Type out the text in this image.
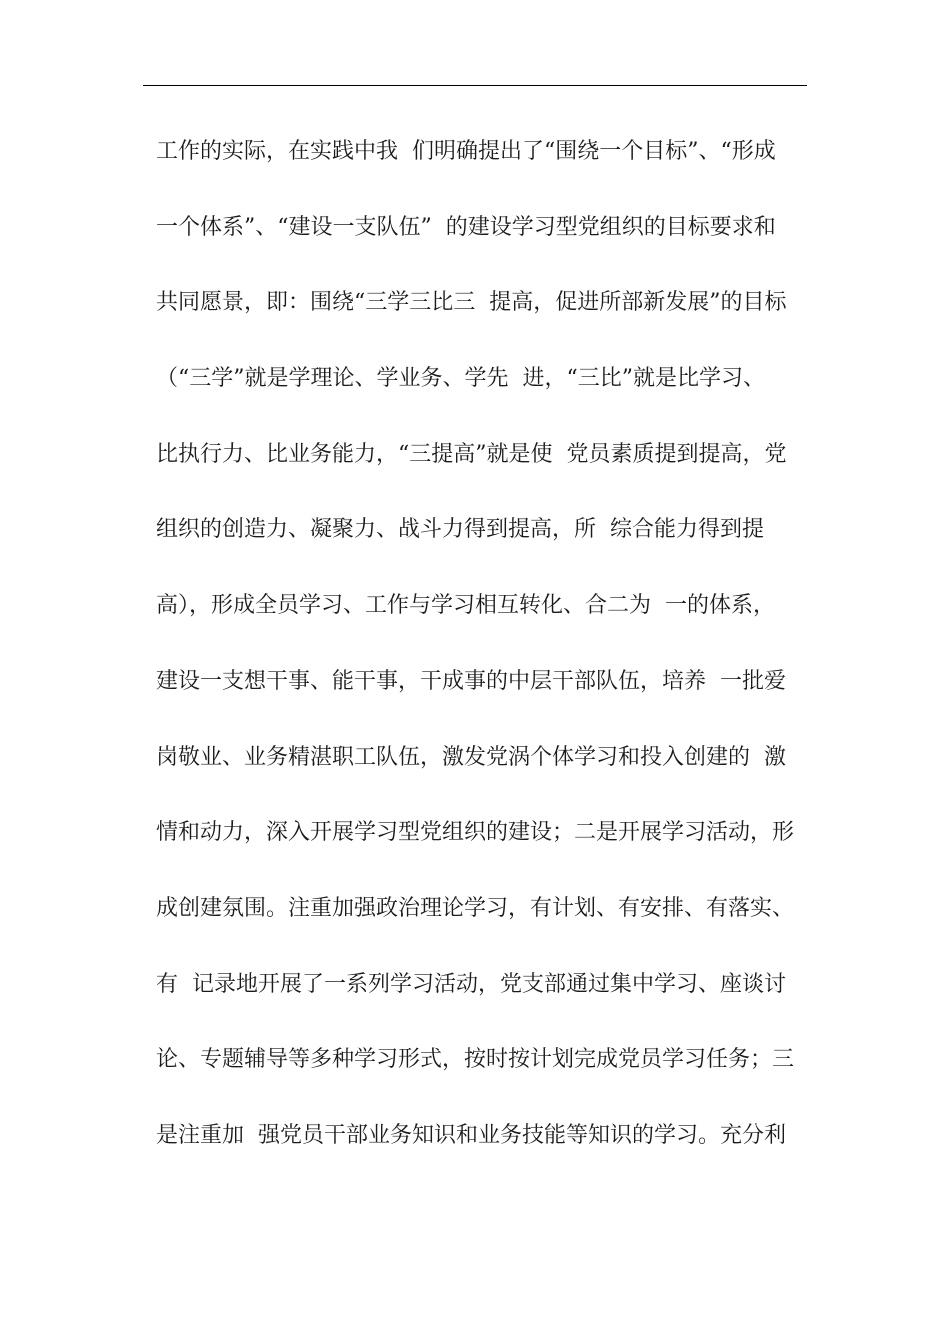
工作的实际，在实践中我  们明确提出了“围绕一个目标”、“形成
一个体系”、“建设一支队伍”  的建设学习型党组织的目标要求和
共同愿景，即：围绕“三学三比三  提高，促进所部新发展”的目标
（“三学”就是学理论、学业务、学先  进，“三比”就是比学习、
比执行力、比业务能力，“三提高”就是使  党员素质提到提高，党
组织的创造力、凝聚力、战斗力得到提高，所  综合能力得到提
高），形成全员学习、工作与学习相互转化、合二为  一的体系，
建设一支想干事、能干事，干成事的中层干部队伍，培养  一批爱
岗敬业、业务精湛职工队伍，激发党涡个体学习和投入创建的  激
情和动力，深入开展学习型党组织的建设；二是开展学习活动，形
成创建氛围。注重加强政治理论学习，有计划、有安排、有落实、
有  记录地开展了一系列学习活动，党支部通过集中学习、座谈讨
论、专题辅导等多种学习形式，按时按计划完成党员学习任务；三
是注重加  强党员干部业务知识和业务技能等知识的学习。充分利
